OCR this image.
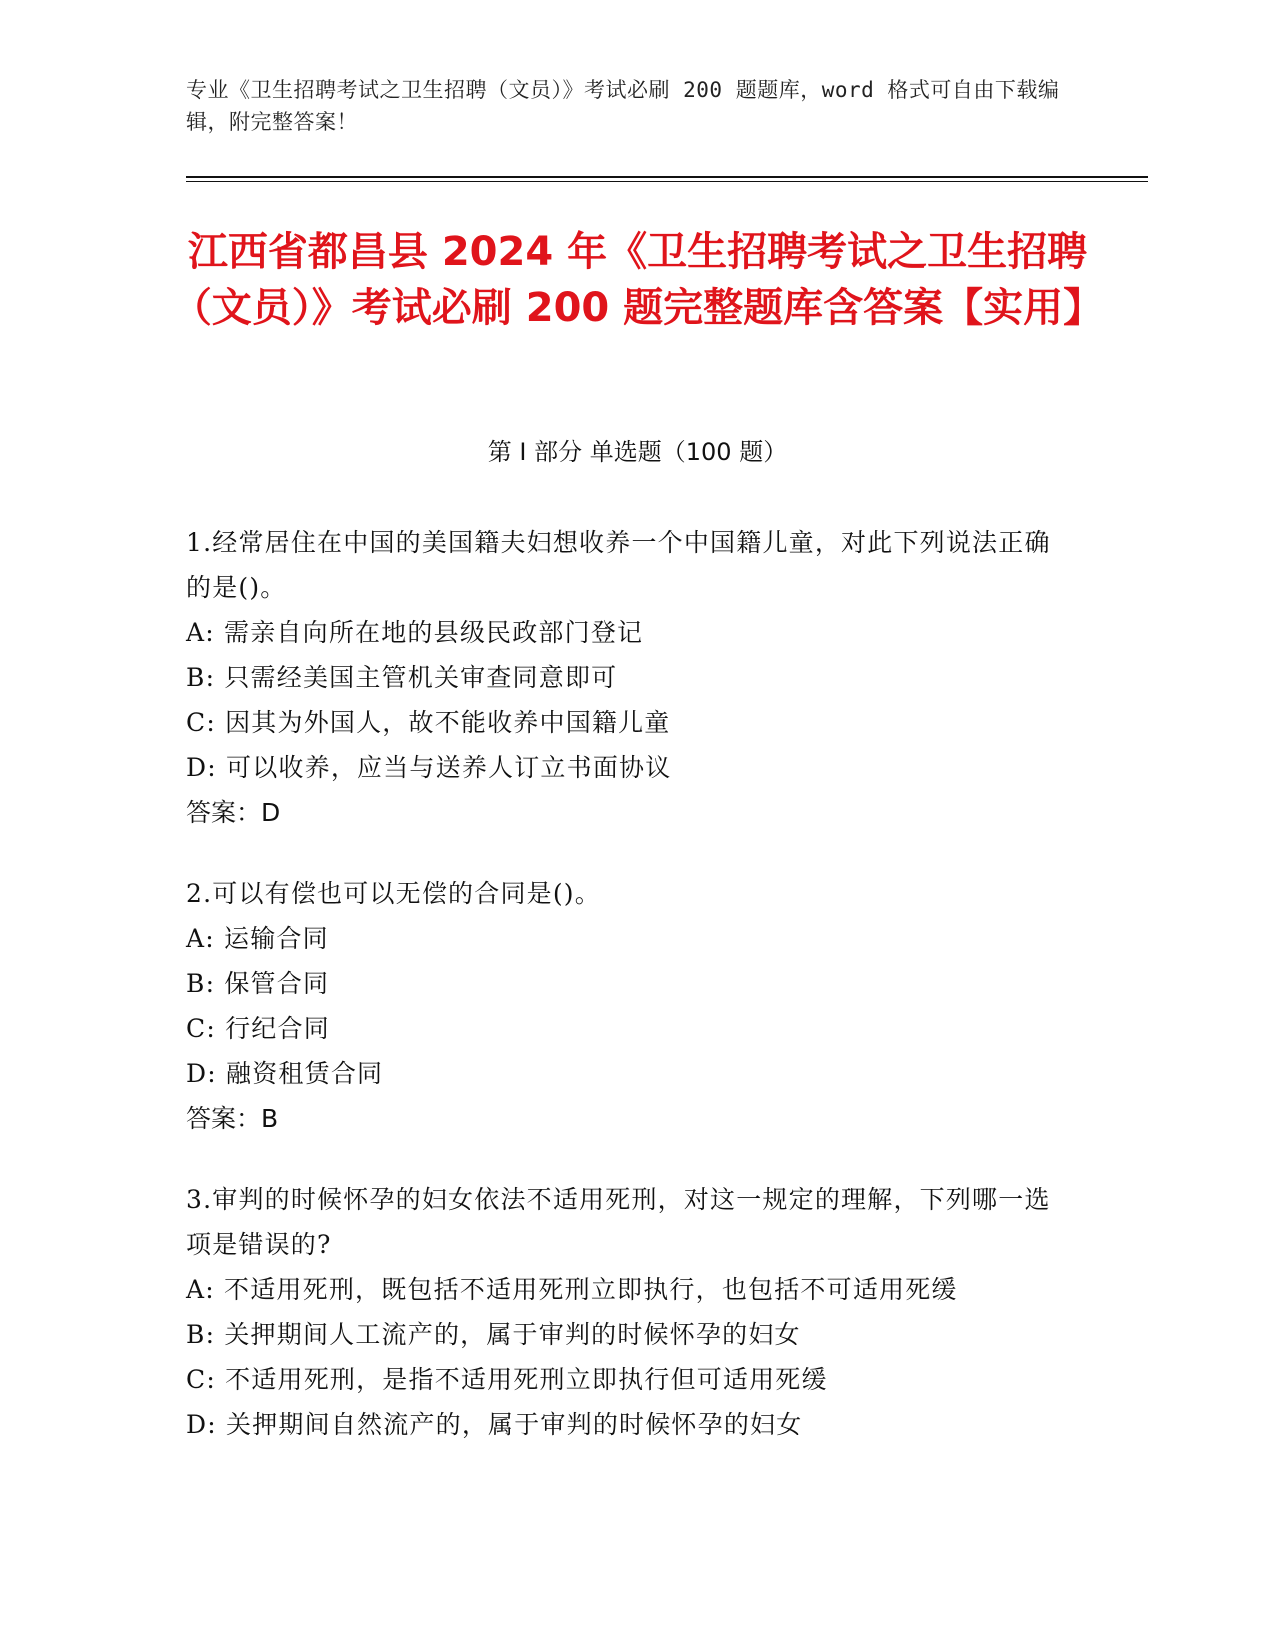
专业《卫生招聘考试之卫生招聘（文员）》考试必刷 200 题题库，word 格式可自由下载编辑，附完整答案！
江西省都昌县 2024 年《卫生招聘考试之卫生招聘（文员）》考试必刷 200 题完整题库含答案【实用】
第 I 部分 单选题（100 题）
1.经常居住在中国的美国籍夫妇想收养一个中国籍儿童，对此下列说法正确的是()。
A: 需亲自向所在地的县级民政部门登记
B: 只需经美国主管机关审查同意即可
C: 因其为外国人，故不能收养中国籍儿童
D: 可以收养，应当与送养人订立书面协议
答案：D
2.可以有偿也可以无偿的合同是()。
A: 运输合同
B: 保管合同
C: 行纪合同
D: 融资租赁合同
答案：B
3.审判的时候怀孕的妇女依法不适用死刑，对这一规定的理解，下列哪一选项是错误的?
A: 不适用死刑，既包括不适用死刑立即执行，也包括不可适用死缓
B: 关押期间人工流产的，属于审判的时候怀孕的妇女
C: 不适用死刑，是指不适用死刑立即执行但可适用死缓
D: 关押期间自然流产的，属于审判的时候怀孕的妇女
